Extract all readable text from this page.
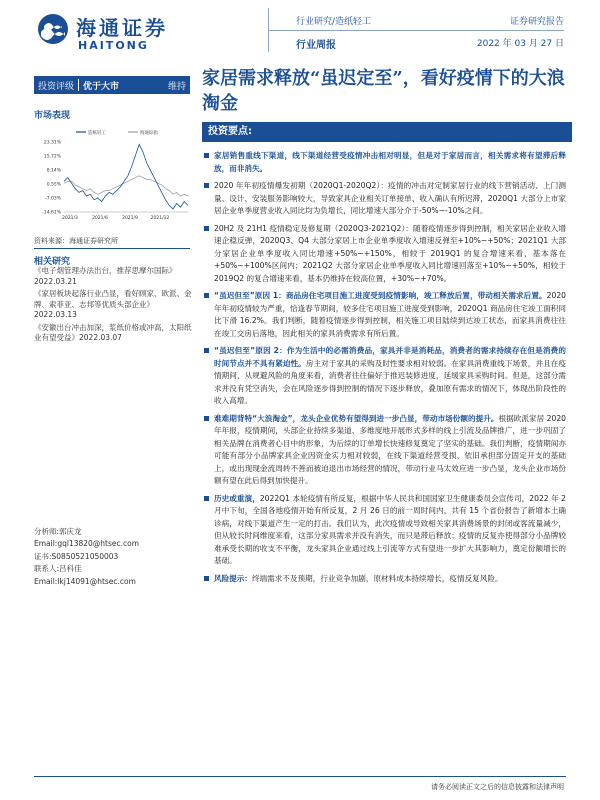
海通证券
HAITONG
行业研究/造纸轻工
行业周报
证券研究报告
2022 年 03 月 27 日
投资评级	优于大市	维持
市场表现
造纸轻工	海通综指
23.31%
15.72%
8.14%
0.55%
-7.03%
-14.61%
2021/3	2021/6	2021/9	2021/12
资料来源：海通证券研究所
相关研究
《电子烟管理办法出台，推荐思摩尔国际》2022.03.21
《家居板块起落行业凸显，看好顾家、欧派、金牌、索菲亚、志邦等优质头部企业》2022.03.13
《安徽出台冲击加深，浆纸价格或冲高，太阳纸业有望受益》2022.03.07
分析师:郭庆龙
Email:gql13820@htsec.com
证书:S0850521050003
联系人:吕科佳
Email:lkj14091@htsec.com
家居需求释放“虽迟定至”，看好疫情下的大浪淘金
投资要点:
家居销售重线下渠道，线下渠道经营受疫情冲击相对明显，但是对于家居而言，相关需求将有望滞后释放，而非消失。
2020 年年初疫情爆发初期（2020Q1-2020Q2）：疫情的冲击对定制家居行业的线下营销活动、上门测量、设计、安装服务影响较大，导致家具企业相关订单接单、收入确认有所迟滞，2020Q1 大部分上市家居企业单季度营业收入同比均为负增长，同比增速大部分介于-50%~-10%之间。
20H2 及 21H1 疫情稳定及修复期（2020Q3-2021Q2）：随着疫情逐步得到控制，相关家居企业收入增速企稳反弹，2020Q3、Q4 大部分家居上市企业单季度收入增速反弹至+10%~+50%；2021Q1 大部分家居企业单季度收入同比增速+50%~+150%，相较于 2019Q1 的复合增速来看，基本落在+50%~+100%区间内；2021Q2 大部分家居企业单季度收入同比增速回落至+10%~+50%，相较于 2019Q2 的复合增速来看，基本仍维持在较高位置，+30%~+70%。
“虽迟但至”原因 1：商品房住宅项目施工进度受到疫情影响，竣工释放后置，带动相关需求后置。2020 年年初疫情较为严重，恰逢春节期间，较多住宅项目施工进度受到影响，2020Q1 商品房住宅竣工面积同比下滑 16.2%。我们判断，随着疫情逐步得到控制，相关施工项目陆续到达竣工状态，而家具消费往往在竣工交房后落地，因此相关的家具消费需求有所后置。
“虽迟但至”原因 2：作为生活中的必需消费品，家具并非是消耗品，消费者的需求持续存在但是消费的时间节点并不具有紧迫性。房主对于家具的采购及时性要求相对较弱。在家具消费重线下场景，并且在疫情期间，从规避风险的角度来看，消费者往往偏好于推迟装修进度，延缓家具采购时间。但是，这部分需求并没有凭空消失，会在风险逐步得到控制的情况下逐步释放，叠加原有需求的情况下，体现出阶段性的收入高增。
难难期背特“大浪淘金”，龙头企业优势有望得到进一步凸显，带动市场份额的提升。根据欧派家居 2020 年年报，疫情期间，头部企业持续多渠道、多维度地开展形式多样的线上引流及品牌推广，进一步巩固了相关品牌在消费者心目中的形象，为后续的订单增长快速修复奠定了坚实的基础。我们判断，疫情期间亦可能有部分小品牌家具企业因资金实力相对较弱，在线下渠道经营受损、依旧承担部分固定开支的基础上，或出现现金流周转不善而被迫退出市场经营的情况，带动行业马太效应进一步凸显，龙头企业市场份额有望在此后得到加快提升。
历史或重演，2022Q1 本轮疫情有所反复，根据中华人民共和国国家卫生健康委员会宣传司，2022 年 2 月中下旬，全国各地疫情开始有所反复，2 月 26 日的前一周时间内，共有 15 个省份报告了新增本土确诊病，对线下渠道产生一定的打击。我们认为，此次疫情或导致相关家具消费场景的封闭或客流量减少，但从较长时间维度来看，这部分家具需求并没有消失，而只是滞后释放；疫情的反复亦使得部分小品牌较难承受长期的收支不平衡，龙头家具企业通过线上引流等方式有望进一步扩大其影响力，奠定份额增长的基础。
风险提示：终端需求不及预期，行业竞争加剧，原材料成本持续增长，疫情反复风险。
请务必阅读正文之后的信息披露和法律声明
